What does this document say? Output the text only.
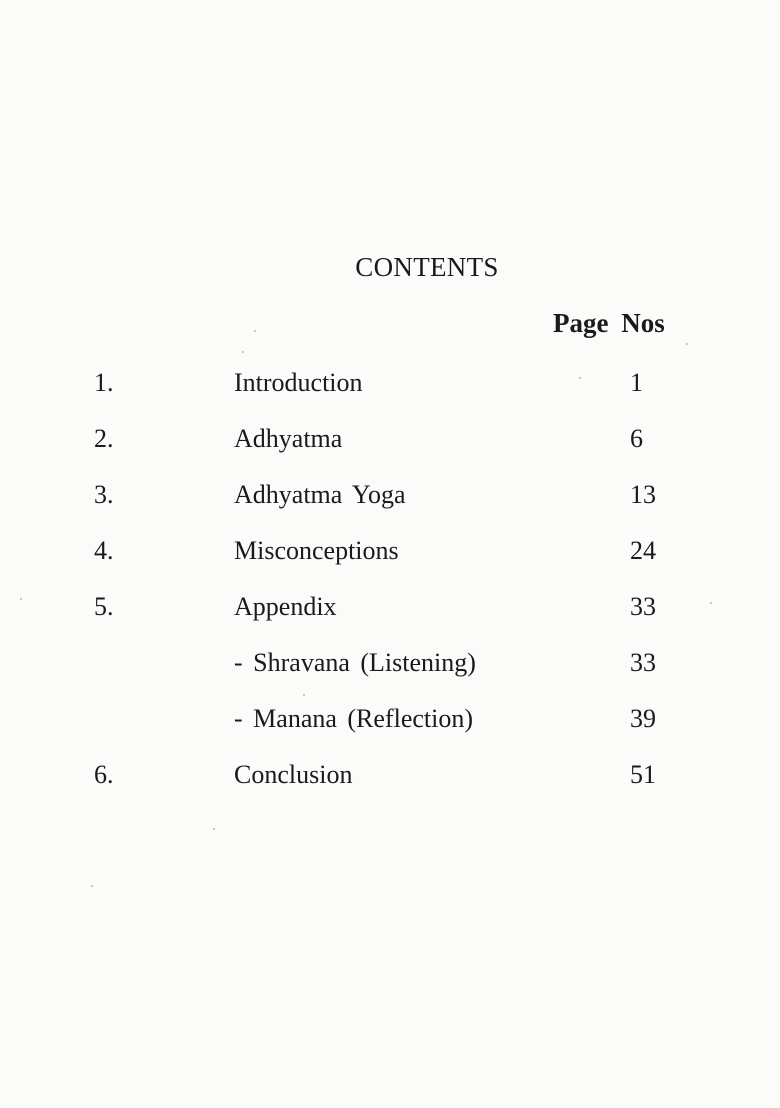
CONTENTS
Page Nos
1.	Introduction	1
2.	Adhyatma	6
3.	Adhyatma Yoga	13
4.	Misconceptions	24
5.	Appendix	33
- Shravana (Listening)	33
- Manana (Reflection)	39
6.	Conclusion	51
